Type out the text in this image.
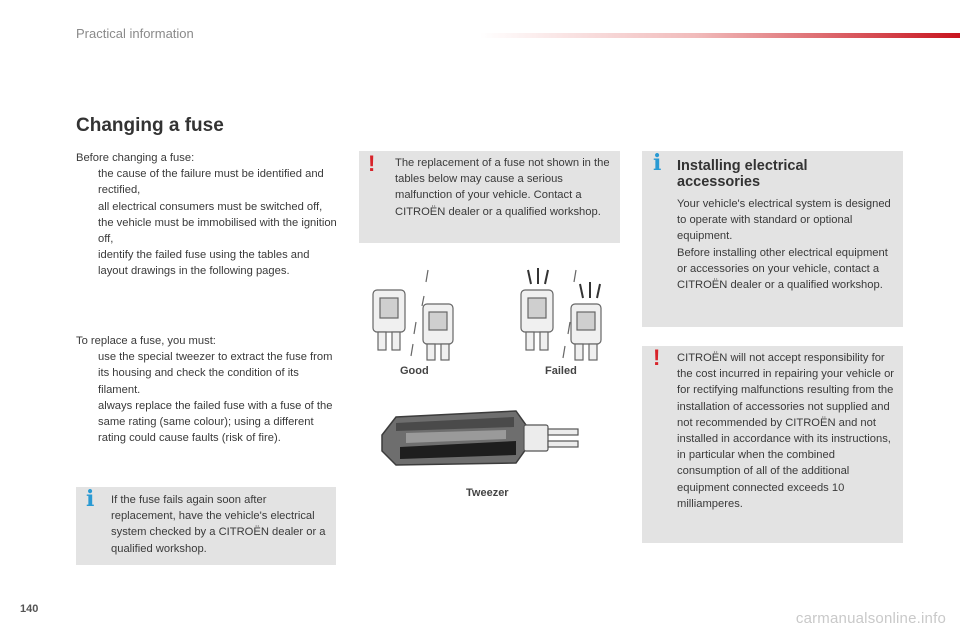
Practical information
Changing a fuse

Before changing a fuse:

the cause of the failure must be identified and rectified,
all electrical consumers must be switched off,
the vehicle must be immobilised with the ignition off,
identify the failed fuse using the tables and layout drawings in the following pages.

To replace a fuse, you must:

use the special tweezer to extract the fuse from its housing and check the condition of its filament.
always replace the failed fuse with a fuse of the same rating (same colour); using a different rating could cause faults (risk of fire).
i If the fuse fails again soon after replacement, have the vehicle's electrical system checked by a CITROËN dealer or a qualified workshop.
! The replacement of a fuse not shown in the tables below may cause a serious malfunction of your vehicle. Contact a CITROËN dealer or a qualified workshop.
Good	Failed
Tweezer
i Installing electrical accessories
Your vehicle's electrical system is designed to operate with standard or optional equipment.
Before installing other electrical equipment or accessories on your vehicle, contact a CITROËN dealer or a qualified workshop.
! CITROËN will not accept responsibility for the cost incurred in repairing your vehicle or for rectifying malfunctions resulting from the installation of accessories not supplied and not recommended by CITROËN and not installed in accordance with its instructions, in particular when the combined consumption of all of the additional equipment connected exceeds 10 milliamperes.
140
carmanualsonline.info
